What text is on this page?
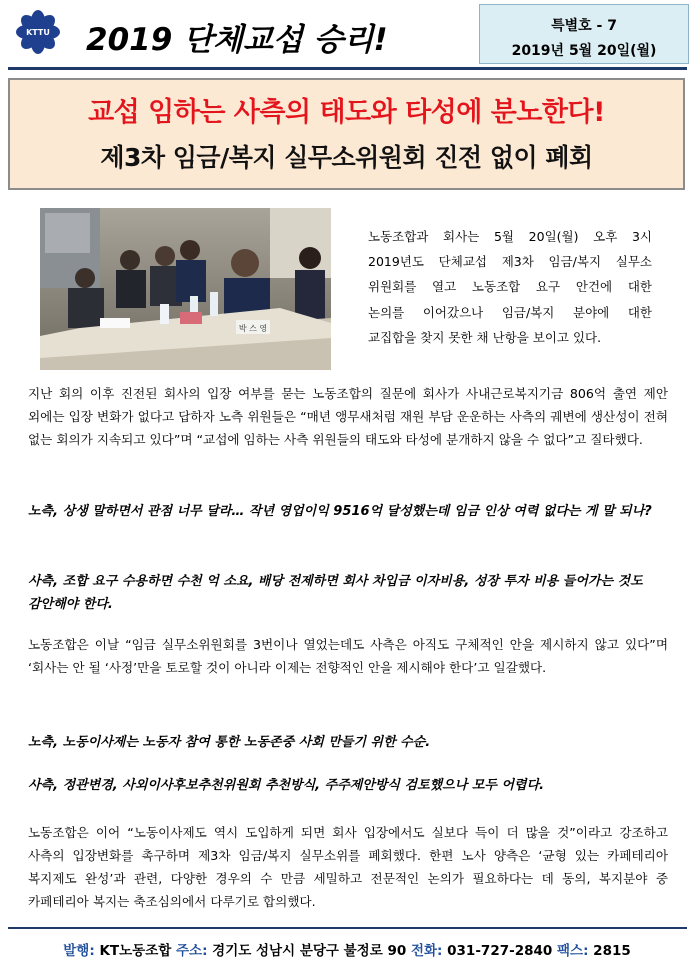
KTTU 2019 단체교섭 승리!	특별호 - 7
2019년 5월 20일(월)
교섭 임하는 사측의 태도와 타성에 분노한다!
제3차 임금/복지 실무소위원회 진전 없이 폐회
박 스 영
노동조합과 회사는 5월 20일(월) 오후 3시
2019년도 단체교섭 제3차 임금/복지 실무소
위원회를 열고 노동조합 요구 안건에 대한
논의를 이어갔으나 임금/복지 분야에 대한
교집합을 찾지 못한 채 난항을 보이고 있다.
지난 회의 이후 진전된 회사의 입장 여부를 묻는 노동조합의 질문에 회사가 사내근로복지기금 806억 출연 제안 외에는 입장 변화가 없다고 답하자 노측 위원들은 “매년 앵무새처럼 재원 부담 운운하는 사측의 궤변에 생산성이 전혀 없는 회의가 지속되고 있다”며 “교섭에 임하는 사측 위원들의 태도와 타성에 분개하지 않을 수 없다”고 질타했다.
노측, 상생 말하면서 관점 너무 달라… 작년 영업이익 9516억 달성했는데 임금 인상 여력 없다는 게 말 되나?
사측, 조합 요구 수용하면 수천 억 소요, 배당 전제하면 회사 차입금 이자비용, 성장 투자 비용 들어가는 것도 감안해야 한다.
노동조합은 이날 “임금 실무소위원회를 3번이나 열었는데도 사측은 아직도 구체적인 안을 제시하지 않고 있다”며 ‘회사는 안 될 ‘사정’만을 토로할 것이 아니라 이제는 전향적인 안을 제시해야 한다’고 일갈했다.
노측, 노동이사제는 노동자 참여 통한 노동존중 사회 만들기 위한 수순.
사측, 정관변경, 사외이사후보추천위원회 추천방식, 주주제안방식 검토했으나 모두 어렵다.
노동조합은 이어 “노동이사제도 역시 도입하게 되면 회사 입장에서도 실보다 득이 더 많을 것”이라고 강조하고 사측의 입장변화를 촉구하며 제3차 임금/복지 실무소위를 폐회했다. 한편 노사 양측은 ‘균형 있는 카페테리아 복지제도 완성’과 관련, 다양한 경우의 수 만큼 세밀하고 전문적인 논의가 필요하다는 데 동의, 복지분야 중 카페테리아 복지는 축조심의에서 다루기로 합의했다.
발행: KT노동조합 주소: 경기도 성남시 분당구 불정로 90 전화: 031-727-2840 팩스: 2815
